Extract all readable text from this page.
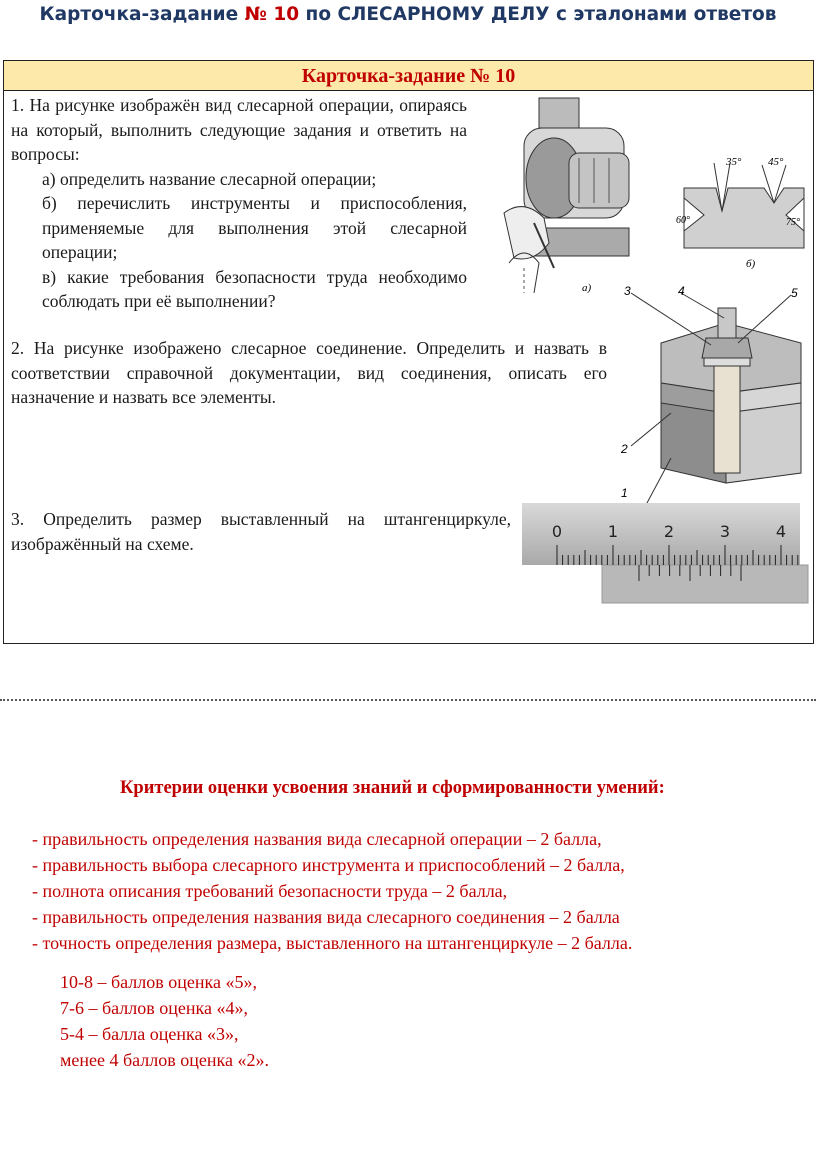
Карточка-задание № 10 по СЛЕСАРНОМУ ДЕЛУ с эталонами ответов
Карточка-задание № 10

1. На рисунке изображён вид слесарной операции, опираясь на который, выполнить следующие задания и ответить на вопросы:

а) определить название слесарной операции;

б) перечислить инструменты и приспособления, применяемые для выполнения этой слесарной операции;

в) какие требования безопасности труда необходимо соблюдать при её выполнении?

а)
35° 45°
60°	75°
б)

2. На рисунке изображено слесарное соединение. Определить и назвать в соответствии справочной документации, вид соединения, описать его назначение и назвать все элементы.

3	4	5
2
1

3. Определить размер выставленный на штангенциркуле, изображённый на схеме.

0	1	2	3	4
Критерии оценки усвоения знаний и сформированности умений:
- правильность определения названия вида слесарной операции – 2 балла,
- правильность выбора слесарного инструмента и приспособлений – 2 балла,
- полнота описания требований безопасности труда – 2 балла,
- правильность определения названия вида слесарного соединения – 2 балла
- точность определения размера, выставленного на штангенциркуле – 2 балла.
10-8 – баллов оценка «5»,
7-6 – баллов оценка «4»,
5-4 – балла оценка «3»,
менее 4 баллов оценка «2».
